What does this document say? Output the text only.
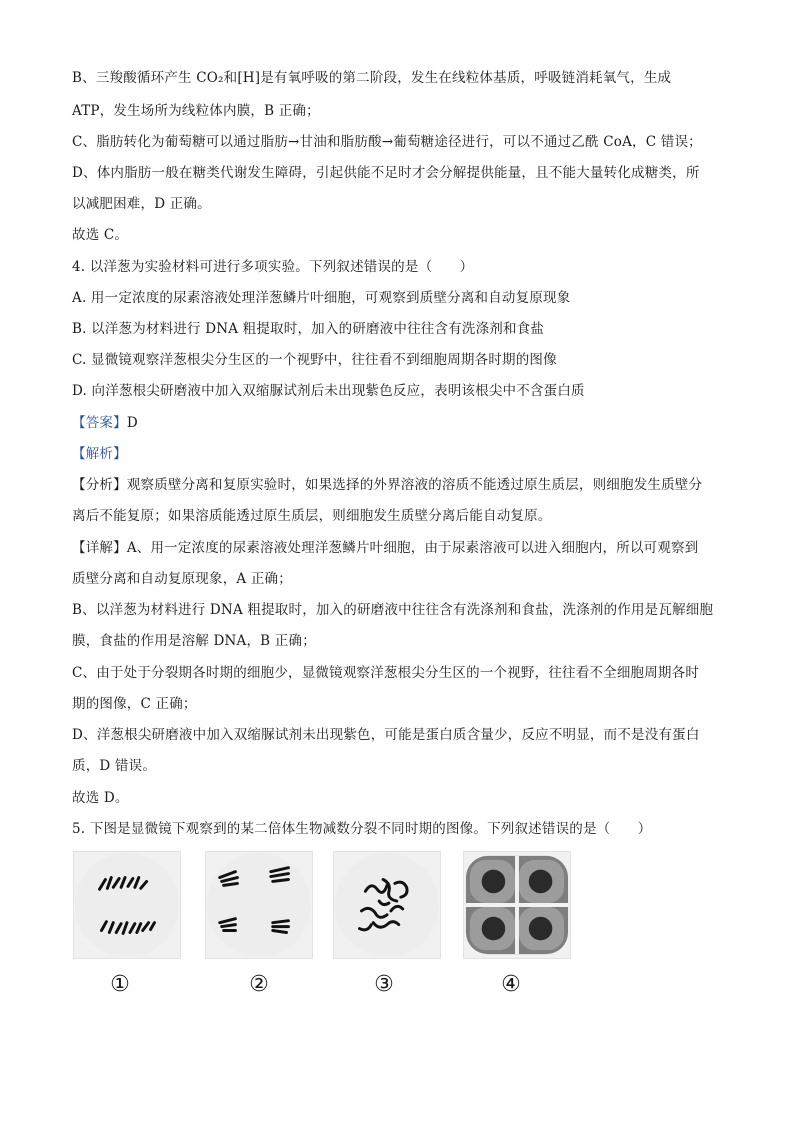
B、三羧酸循环产生 CO₂和[H]是有氧呼吸的第二阶段，发生在线粒体基质，呼吸链消耗氧气，生成
ATP，发生场所为线粒体内膜，B 正确；
C、脂肪转化为葡萄糖可以通过脂肪→甘油和脂肪酸→葡萄糖途径进行，可以不通过乙酰 CoA，C 错误；
D、体内脂肪一般在糖类代谢发生障碍，引起供能不足时才会分解提供能量，且不能大量转化成糖类，所
以减肥困难，D 正确。
故选 C。
4. 以洋葱为实验材料可进行多项实验。下列叙述错误的是（　　）
A. 用一定浓度的尿素溶液处理洋葱鳞片叶细胞，可观察到质壁分离和自动复原现象
B. 以洋葱为材料进行 DNA 粗提取时，加入的研磨液中往往含有洗涤剂和食盐
C. 显微镜观察洋葱根尖分生区的一个视野中，往往看不到细胞周期各时期的图像
D. 向洋葱根尖研磨液中加入双缩脲试剂后未出现紫色反应，表明该根尖中不含蛋白质
【答案】D
【解析】
【分析】观察质壁分离和复原实验时，如果选择的外界溶液的溶质不能透过原生质层，则细胞发生质壁分
离后不能复原；如果溶质能透过原生质层，则细胞发生质壁分离后能自动复原。
【详解】A、用一定浓度的尿素溶液处理洋葱鳞片叶细胞，由于尿素溶液可以进入细胞内，所以可观察到
质壁分离和自动复原现象，A 正确；
B、以洋葱为材料进行 DNA 粗提取时，加入的研磨液中往往含有洗涤剂和食盐，洗涤剂的作用是瓦解细胞
膜，食盐的作用是溶解 DNA，B 正确；
C、由于处于分裂期各时期的细胞少，显微镜观察洋葱根尖分生区的一个视野，往往看不全细胞周期各时
期的图像，C 正确；
D、洋葱根尖研磨液中加入双缩脲试剂未出现紫色，可能是蛋白质含量少，反应不明显，而不是没有蛋白
质，D 错误。
故选 D。
5. 下图是显微镜下观察到的某二倍体生物减数分裂不同时期的图像。下列叙述错误的是（　　）
①	②	③	④
